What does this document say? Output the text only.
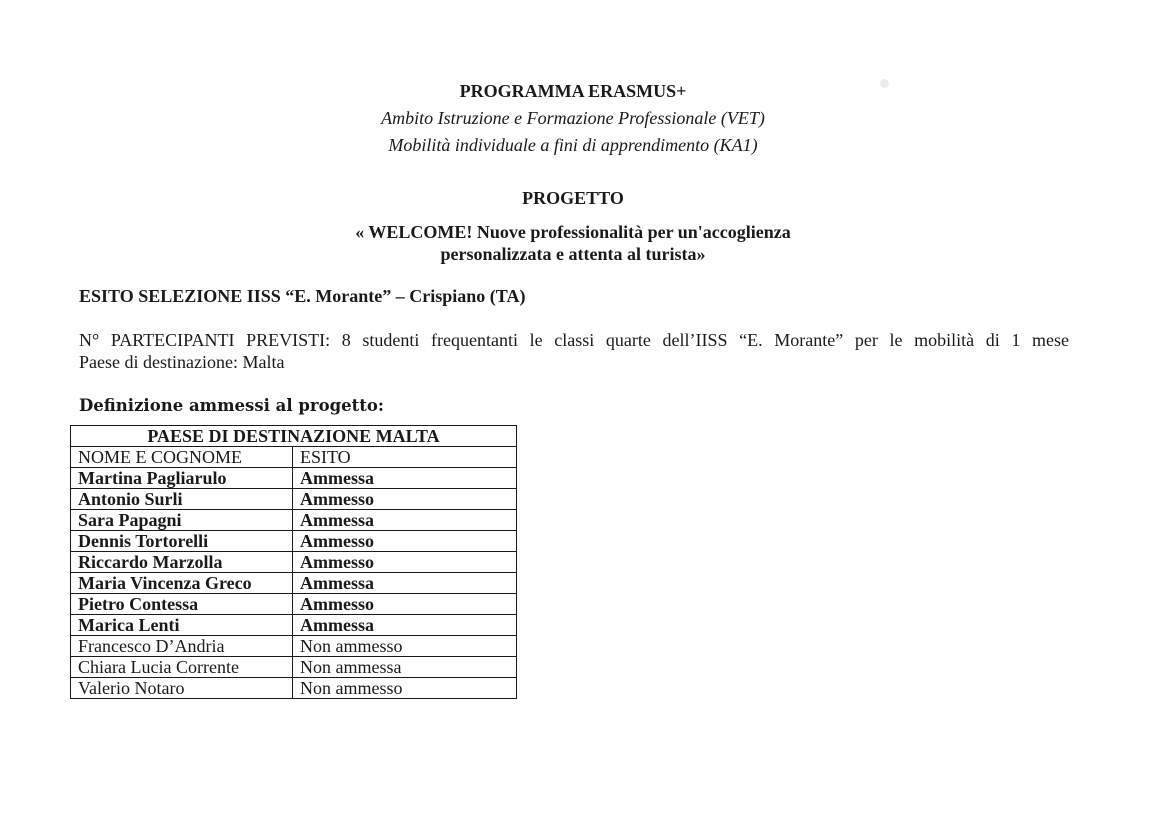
PROGRAMMA ERASMUS+
Ambito Istruzione e Formazione Professionale (VET)
Mobilità individuale a fini di apprendimento (KA1)
PROGETTO
« WELCOME! Nuove professionalità per un'accoglienza
personalizzata e attenta al turista»
ESITO SELEZIONE IISS “E. Morante” – Crispiano (TA)
N° PARTECIPANTI PREVISTI: 8 studenti frequentanti le classi quarte dell’IISS “E. Morante” per le mobilità di 1 mese
Paese di destinazione: Malta
Definizione ammessi al progetto:
PAESE DI DESTINAZIONE MALTA	
NOME E COGNOME	ESITO
Martina Pagliarulo	Ammessa
Antonio Surli	Ammesso
Sara Papagni	Ammessa
Dennis Tortorelli	Ammesso
Riccardo Marzolla	Ammesso
Maria Vincenza Greco	Ammessa
Pietro Contessa	Ammesso
Marica Lenti	Ammessa
Francesco D’Andria	Non ammesso
Chiara Lucia Corrente	Non ammessa
Valerio Notaro	Non ammesso
